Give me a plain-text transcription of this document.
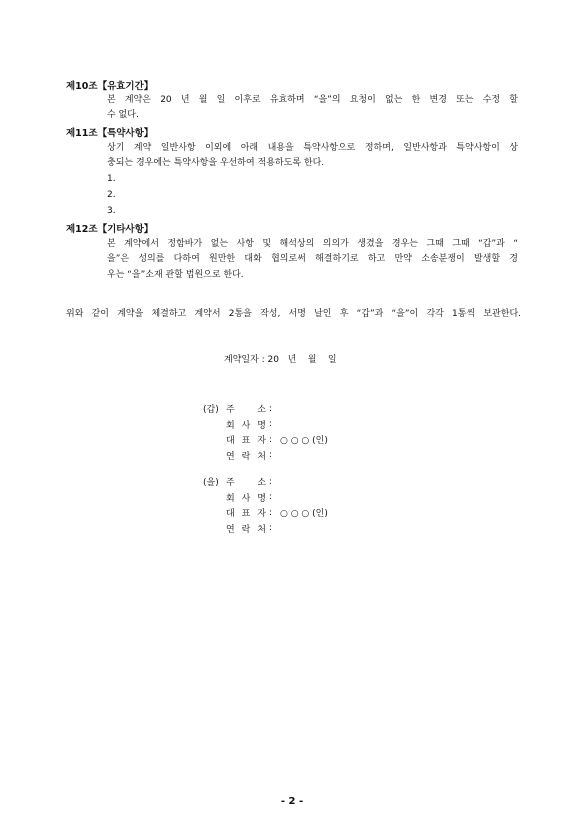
제10조【유효기간】
본 계약은 20 년 월 일 이후로 유효하며 “을”의 요청이 없는 한 변경 또는 수정 할
수 없다.
제11조【특약사항】
상기 계약 일반사항 이외에 아래 내용을 특약사항으로 정하며, 일반사항과 특약사항이 상
충되는 경우에는 특약사항을 우선하여 적용하도록 한다.
1.
2.
3.
제12조【기타사항】
본 계약에서 정함바가 없는 사항 및 해석상의 의의가 생겼을 경우는 그때 그때 “갑”과 “
을”은 성의를 다하여 원만한 대화 협의로써 해결하기로 하고 만약 소송분쟁이 발생할 경
우는 “을”소재 관할 법원으로 한다.
위와 같이 계약을 체결하고 계약서 2통을 작성, 서명 날인 후 “갑”과 “을”이 각각 1통씩 보관한다.
계약일자 : 20   년    월    일
(갑) 주	소 :
회 사 명 :
대 표 자 : ○ ○ ○ (인)
연 락 처 :
(을) 주	소 :
회 사 명 :
대 표 자 : ○ ○ ○ (인)
연 락 처 :
- 2 -
